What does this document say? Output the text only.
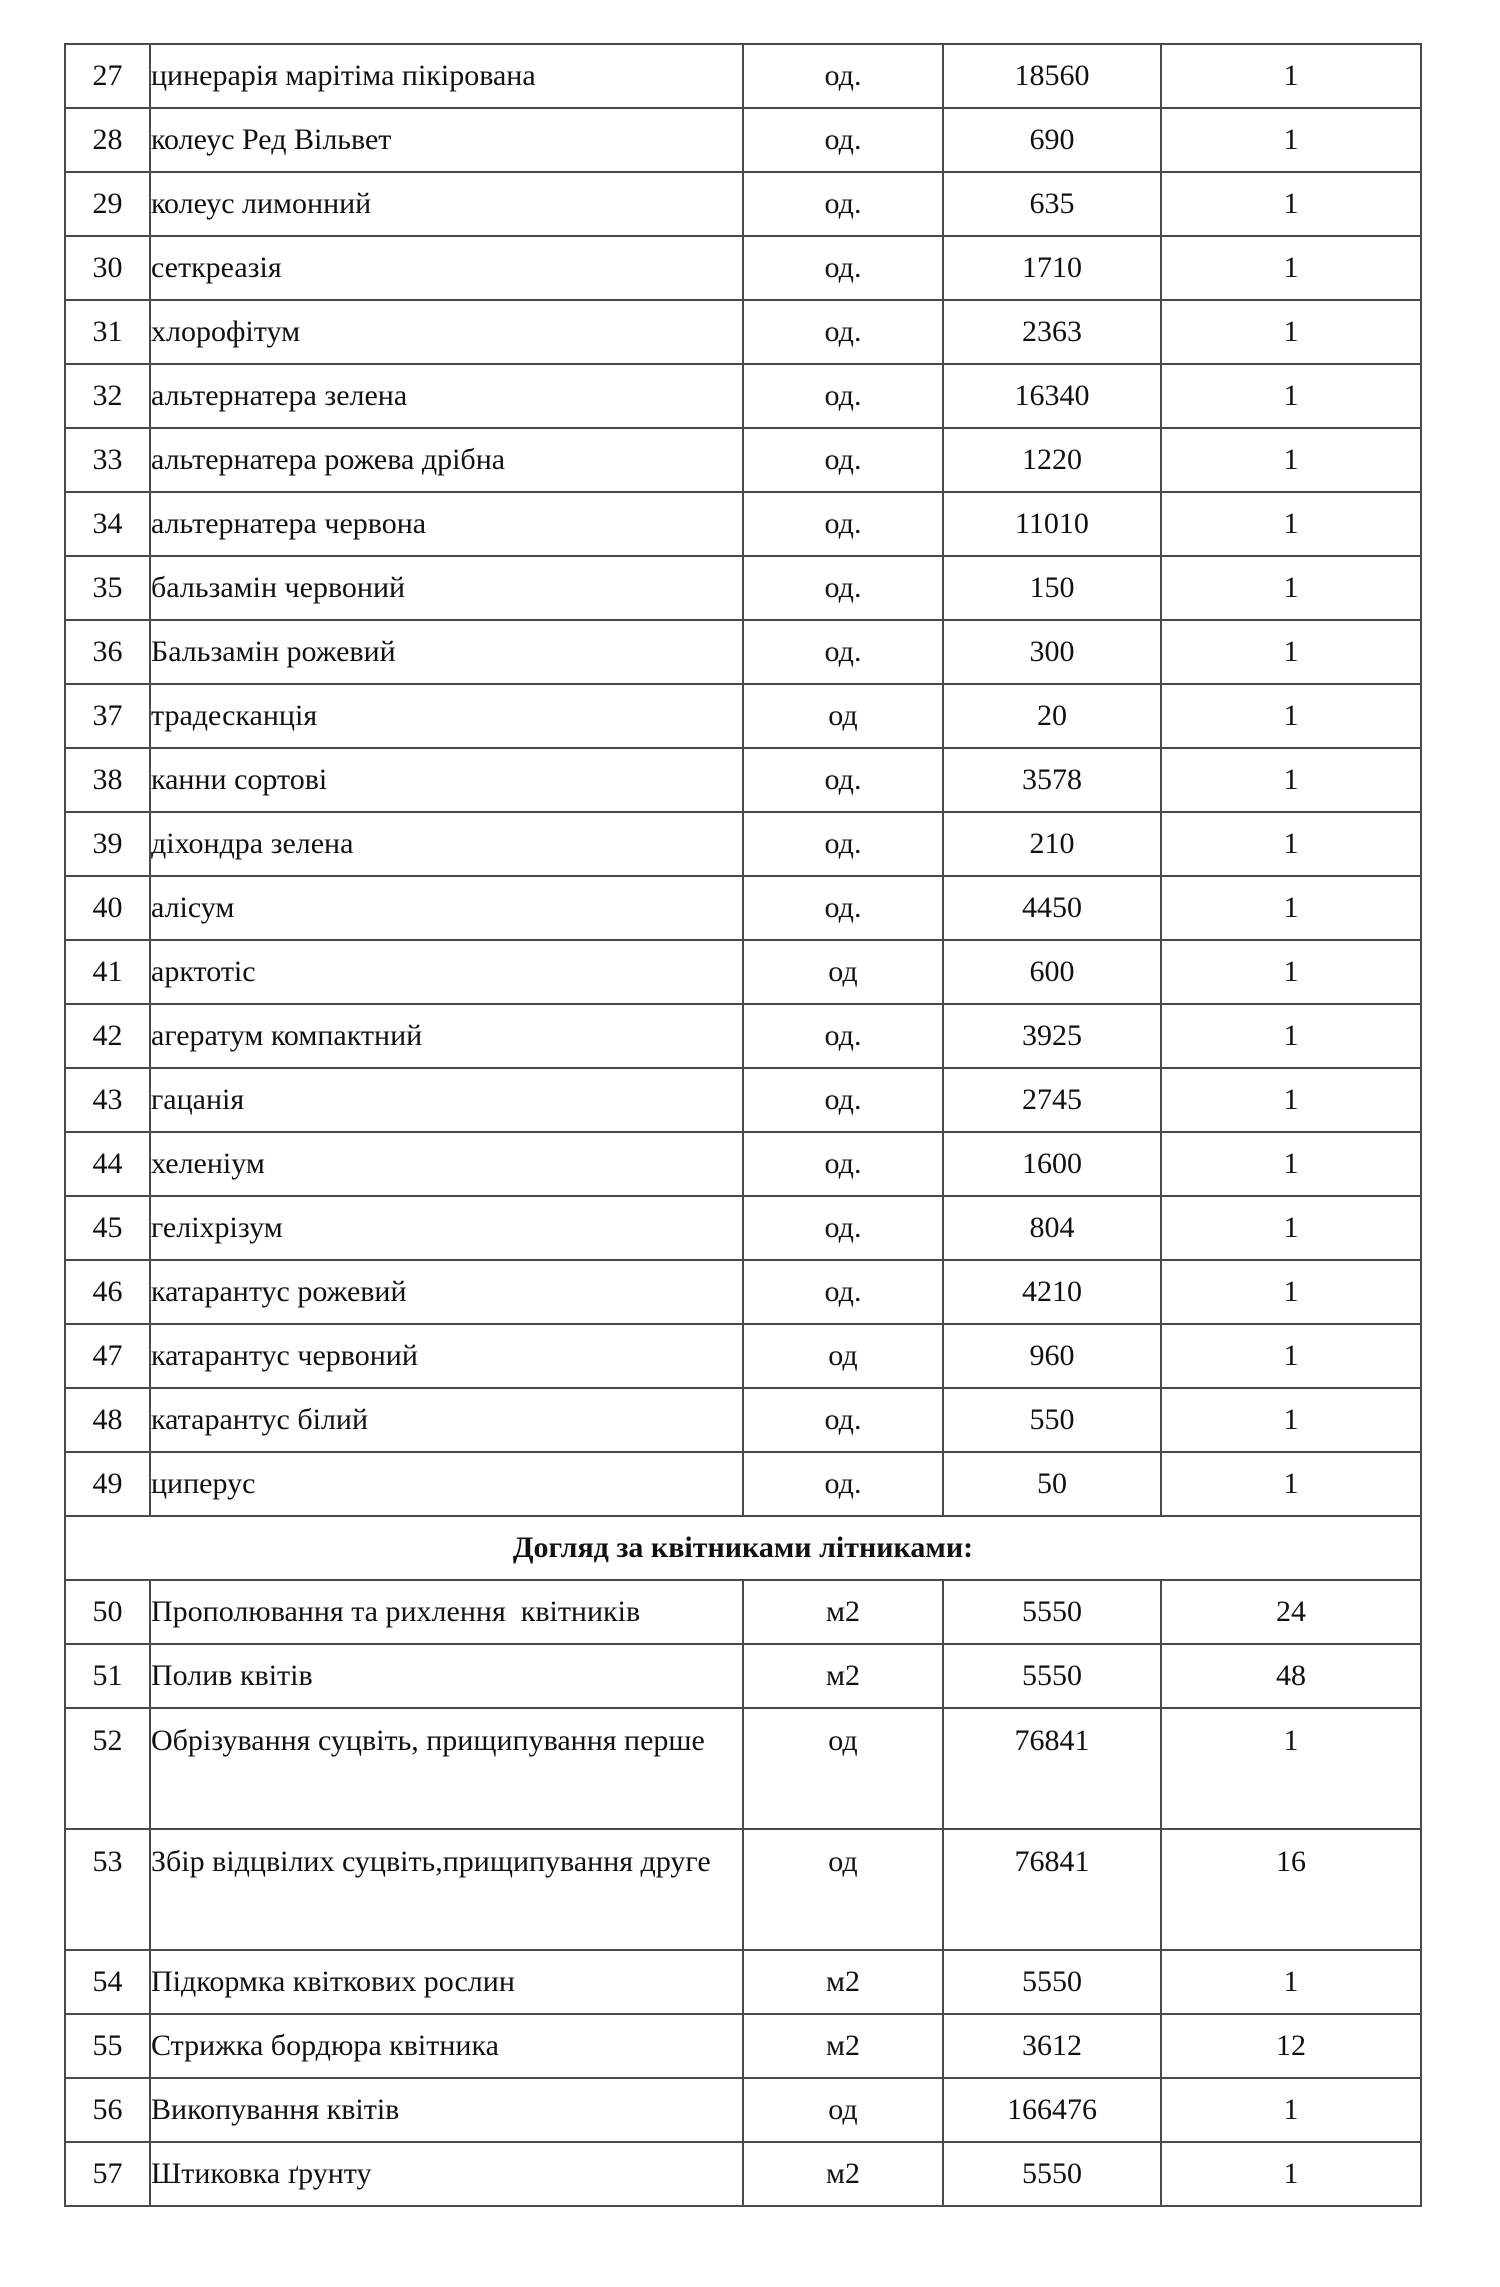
27	цинерарія марітіма пікірована	од.	18560	1
28	колеус Ред Вільвет	од.	690	1
29	колеус лимонний	од.	635	1
30	сеткреазія	од.	1710	1
31	хлорофітум	од.	2363	1
32	альтернатера зелена	од.	16340	1
33	альтернатера рожева дрібна	од.	1220	1
34	альтернатера червона	од.	11010	1
35	бальзамін червоний	од.	150	1
36	Бальзамін рожевий	од.	300	1
37	традесканція	од	20	1
38	канни сортові	од.	3578	1
39	діхондра зелена	од.	210	1
40	алісум	од.	4450	1
41	арктотіс	од	600	1
42	агератум компактний	од.	3925	1
43	гацанія	од.	2745	1
44	хеленіум	од.	1600	1
45	геліхрізум	од.	804	1
46	катарантус рожевий	од.	4210	1
47	катарантус червоний	од	960	1
48	катарантус білий	од.	550	1
49	циперус	од.	50	1
Догляд за квітниками літниками:				
50	Прополювання та рихлення  квітників	м2	5550	24
51	Полив квітів	м2	5550	48
52	Обрізування суцвіть, прищипування перше	од	76841	1
53	Збір відцвілих суцвіть,прищипування друге	од	76841	16
54	Підкормка квіткових рослин	м2	5550	1
55	Стрижка бордюра квітника	м2	3612	12
56	Викопування квітів	од	166476	1
57	Штиковка ґрунту	м2	5550	1
